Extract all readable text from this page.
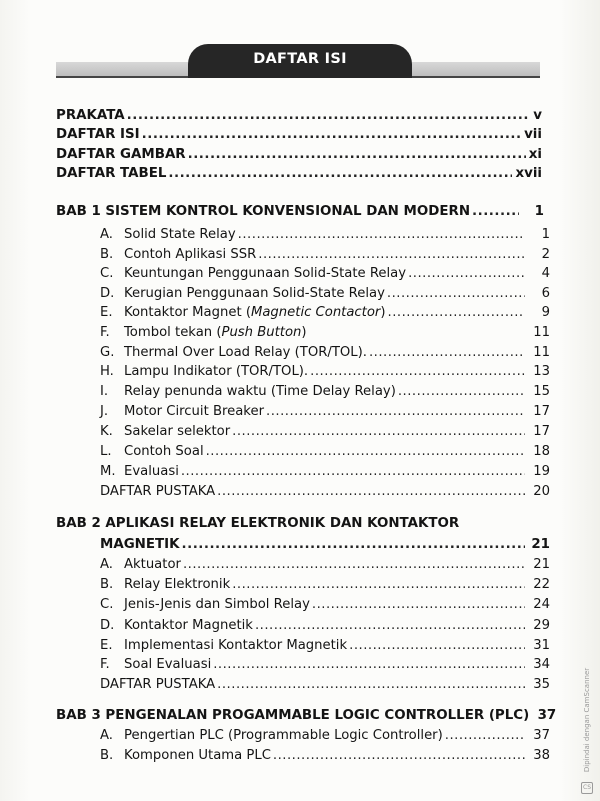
DAFTAR ISI
PRAKATA .....	v
DAFTAR ISI .....	vii
DAFTAR GAMBAR .....	xi
DAFTAR TABEL .....	xvii
BAB 1 SISTEM KONTROL KONVENSIONAL DAN MODERN .....	1
A. Solid State Relay .....	1
B. Contoh Aplikasi SSR .....	2
C. Keuntungan Penggunaan Solid-State Relay .....	4
D. Kerugian Penggunaan Solid-State Relay .....	6
E. Kontaktor Magnet (Magnetic Contactor) .....	9
F.	Tombol tekan (Push Button)	11
G. Thermal Over Load Relay (TOR/TOL). .....	11
H. Lampu Indikator (TOR/TOL). .....	13
I.	Relay penunda waktu (Time Delay Relay) .....	15
J.	Motor Circuit Breaker .....	17
K. Sakelar selektor .....	17
L. Contoh Soal .....	18
M. Evaluasi .....	19
DAFTAR PUSTAKA .....	20
BAB 2 APLIKASI RELAY ELEKTRONIK DAN KONTAKTOR
MAGNETIK .....	21
A. Aktuator .....	21
B. Relay Elektronik .....	22
C. Jenis-Jenis dan Simbol Relay .....	24
D. Kontaktor Magnetik .....	29
E. Implementasi Kontaktor Magnetik .....	31
F.	Soal Evaluasi .....	34
DAFTAR PUSTAKA .....	35
BAB 3 PENGENALAN PROGAMMABLE LOGIC CONTROLLER (PLC) 37
A. Pengertian PLC (Programmable Logic Controller) .....	37
B. Komponen Utama PLC .....	38	Dipindai dengan CamScanner
CS
